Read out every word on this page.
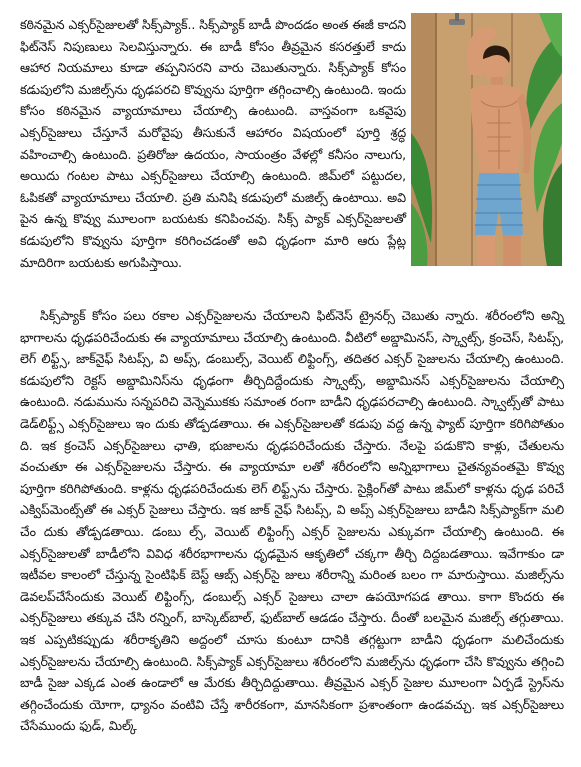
కఠినమైన ఎక్సర్‌సైజులతో సిక్స్‌ప్యాక్.. సిక్స్‌ప్యాక్ బాడీ పొందడం అంత ఈజీ కాదని ఫిట్‌నెస్ నిపుణులు సెలవిస్తున్నారు. ఈ బాడీ కోసం తీవ్రమైన కసరత్తులే కాదు ఆహార నియమాలు కూడా తప్పనిసరని వారు చెబుతున్నారు. సిక్స్‌ప్యాక్ కోసం కడుపులోని మజిల్స్‌ను ధృఢపరచి కొవ్వును పూర్తిగా తగ్గించాల్సి ఉంటుంది. ఇందు కోసం కఠినమైన వ్యాయామాలు చేయాల్సి ఉంటుంది. వాస్తవంగా ఒకవైపు ఎక్సర్‌సైజులు చేస్తూనే మరోవైపు తీసుకునే ఆహారం విషయంలో పూర్తి శ్రద్ధ వహించాల్సి ఉంటుంది. ప్రతిరోజు ఉదయం, సాయంత్రం వేళల్లో కనీసం నాలుగు, అయిదు గంటల పాటు ఎక్సర్‌సైజులు చేయాల్సి ఉంటుంది. జిమ్‌లో పట్టుదల, ఓపికతో వ్యాయామాలు చేయాలి. ప్రతి మనిషి కడుపులో మజిల్స్ ఉంటాయి. అవి పైన ఉన్న కొవ్వు మూలంగా బయటకు కనిపించవు. సిక్స్ ప్యాక్ ఎక్సర్‌సైజులతో కడుపులోని కొవ్వును పూర్తిగా కరిగించడంతో అవి ధృఢంగా మారి ఆరు ప్లేట్ల మాదిరిగా బయటకు అగుపిస్తాయి.

సిక్స్‌ప్యాక్ కోసం పలు రకాల ఎక్సర్‌సైజులను చేయాలని ఫిట్‌నెస్ ట్రైనర్స్ చెబుతు న్నారు. శరీరంలోని అన్ని భాగాలను ధృఢపరిచేందుకు ఈ వ్యాయామాలు చేయాల్సి ఉంటుంది. వీటిలో అబ్డామినస్, స్క్వాట్స్, క్రంచెస్, సిటప్స్, లెగ్ లిఫ్ట్స్, జాక్‌నైఫ్ సిటప్స్, వి అప్స్, డంబుల్స్, వెయిట్ లిఫ్టింగ్స్, తదితర ఎక్సర్ సైజులను చేయాల్సి ఉంటుంది. కడుపులోని రెక్టస్ అబ్డామినిస్‌ను ధృఢంగా తీర్చిదిద్దేందుకు స్క్వాట్స్, అబ్డామినస్ ఎక్సర్‌సైజులను చేయాల్సి ఉంటుంది. నడుమును సన్నపరిచి వెన్నెముకకు సమాంత రంగా బాడీని ధృఢపరచాల్సి ఉంటుంది. స్క్వాట్స్‌తో పాటు డెడ్‌లిఫ్ట్స్ ఎక్సర్‌సైజులు ఇం దుకు తోడ్పడతాయి. ఈ ఎక్సర్‌సైజులతో కడుపు వద్ద ఉన్న ఫ్యాట్ పూర్తిగా కరిగిపోతుం ది. ఇక క్రంచెస్ ఎక్సర్‌సైజులు ఛాతి, భుజాలను ధృఢపరిచేందుకు చేస్తారు. నేలపై పడుకొని కాళ్లు, చేతులను వంచుతూ ఈ ఎక్సర్‌సైజులను చేస్తారు. ఈ వ్యాయామా లతో శరీరంలోని అన్నిభాగాలు చైతన్యవంతమై కొవ్వు పూర్తిగా కరిగిపోతుంది. కాళ్లను ధృఢపరిచేందుకు లెగ్ లిఫ్ట్స్‌ను చేస్తారు. సైక్లింగ్‌తో పాటు జిమ్‌లో కాళ్లను ధృఢ పరిచే ఎక్విప్‌మెంట్స్‌తో ఈ ఎక్సర్ సైజులు చేస్తారు. ఇక జాక్ నైఫ్ సిటప్స్, వి అప్స్ ఎక్సర్‌సైజులు బాడీని సిక్స్‌ప్యాక్‌గా మలి చేం దుకు తోడ్పడతాయి. డంబు ల్స్, వెయిట్ లిఫ్టింగ్స్ ఎక్సర్ సైజులను ఎక్కువగా చేయాల్సి ఉంటుంది. ఈ ఎక్సర్‌సైజులతో బాడీలోని వివిధ శరీరభాగాలను ధృఢమైన ఆకృతిలో చక్కగా తీర్చి దిద్దబడతాయి. ఇవేగాకుం డా ఇటీవల కాలంలో చేస్తున్న సైంటిఫిక్ బెస్ట్ ఆబ్స్ ఎక్సర్‌సై జులు శరీరాన్ని మరింత బలం గా మారుస్తాయి. మజిల్స్‌ను డెవలప్‌చేసేందుకు వెయిట్ లిఫ్టింగ్స్, డంబుల్స్ ఎక్సర్ సైజులు చాలా ఉపయోగపడ తాయి. కాగా కొందరు ఈ ఎక్సర్‌సైజులు తక్కువ చేసి రన్నింగ్, బాస్కెట్‌బాల్, ఫుట్‌బాల్ ఆడడం చేస్తారు. దీంతో బలమైన మజిల్స్ తగ్గుతాయి. ఇక ఎప్పటికప్పుడు శరీరాకృతిని అద్దంలో చూసు కుంటూ దానికి తగ్గట్టుగా బాడీని ధృఢంగా మలిచేందుకు ఎక్సర్‌సైజులను చేయాల్సి ఉంటుంది. సిక్స్‌ప్యాక్ ఎక్సర్‌సైజులు శరీరంలోని మజిల్స్‌ను ధృఢంగా చేసి కొవ్వును తగ్గించి బాడీ సైజు ఎక్కడ ఎంత ఉండాలో ఆ మేరకు తీర్చిదిద్దుతాయి. తీవ్రమైన ఎక్సర్ సైజుల మూలంగా ఏర్పడే స్ట్రెస్‌ను తగ్గించేందుకు యోగా, ధ్యానం వంటివి చేస్తే శారీరకంగా, మానసికంగా ప్రశాంతంగా ఉండవచ్చు. ఇక ఎక్సర్‌సైజులు చేసేముందు ఫుడ్, మిల్క్
